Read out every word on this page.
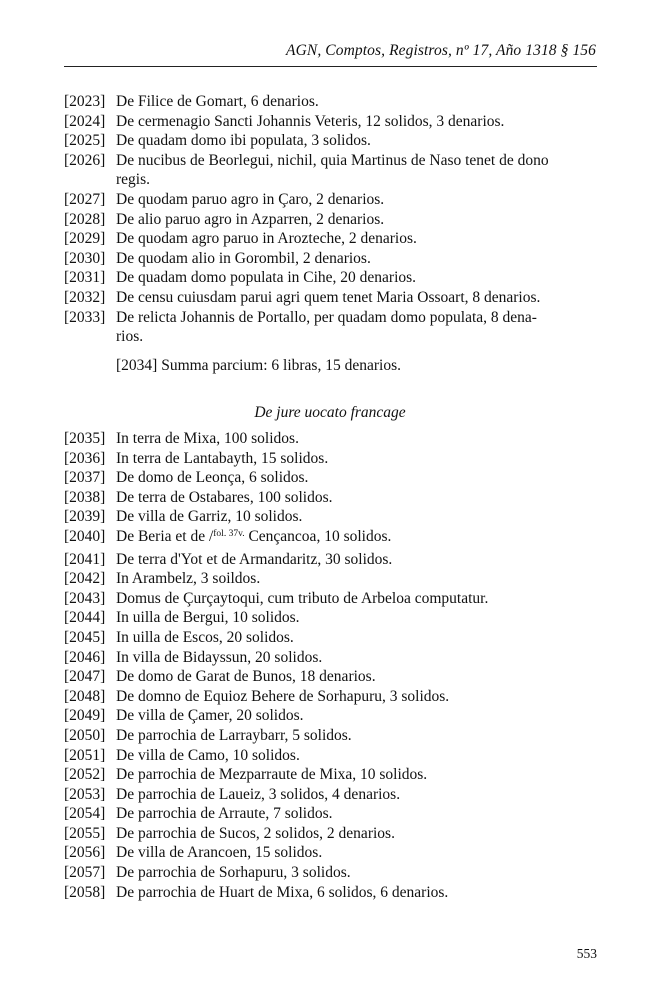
AGN, Comptos, Registros, nº 17, Año 1318 § 156
[2023] De Filice de Gomart, 6 denarios.
[2024] De cermenagio Sancti Johannis Veteris, 12 solidos, 3 denarios.
[2025] De quadam domo ibi populata, 3 solidos.
[2026] De nucibus de Beorlegui, nichil, quia Martinus de Naso tenet de dono
regis.
[2027] De quodam paruo agro in Çaro, 2 denarios.
[2028] De alio paruo agro in Azparren, 2 denarios.
[2029] De quodam agro paruo in Arozteche, 2 denarios.
[2030] De quodam alio in Gorombil, 2 denarios.
[2031] De quadam domo populata in Cihe, 20 denarios.
[2032] De censu cuiusdam parui agri quem tenet Maria Ossoart, 8 denarios.
[2033] De relicta Johannis de Portallo, per quadam domo populata, 8 dena-
rios.
[2034] Summa parcium: 6 libras, 15 denarios.
De jure uocato francage
[2035] In terra de Mixa, 100 solidos.
[2036] In terra de Lantabayth, 15 solidos.
[2037] De domo de Leonça, 6 solidos.
[2038] De terra de Ostabares, 100 solidos.
[2039] De villa de Garriz, 10 solidos.
[2040] De Beria et de /$^{fol. 37v.}$ Cençancoa, 10 solidos.
[2041] De terra d'Yot et de Armandaritz, 30 solidos.
[2042] In Arambelz, 3 soildos.
[2043] Domus de Çurçaytoqui, cum tributo de Arbeloa computatur.
[2044] In uilla de Bergui, 10 solidos.
[2045] In uilla de Escos, 20 solidos.
[2046] In villa de Bidayssun, 20 solidos.
[2047] De domo de Garat de Bunos, 18 denarios.
[2048] De domno de Equioz Behere de Sorhapuru, 3 solidos.
[2049] De villa de Çamer, 20 solidos.
[2050] De parrochia de Larraybarr, 5 solidos.
[2051] De villa de Camo, 10 solidos.
[2052] De parrochia de Mezparraute de Mixa, 10 solidos.
[2053] De parrochia de Laueiz, 3 solidos, 4 denarios.
[2054] De parrochia de Arraute, 7 solidos.
[2055] De parrochia de Sucos, 2 solidos, 2 denarios.
[2056] De villa de Arancoen, 15 solidos.
[2057] De parrochia de Sorhapuru, 3 solidos.
[2058] De parrochia de Huart de Mixa, 6 solidos, 6 denarios.
553
